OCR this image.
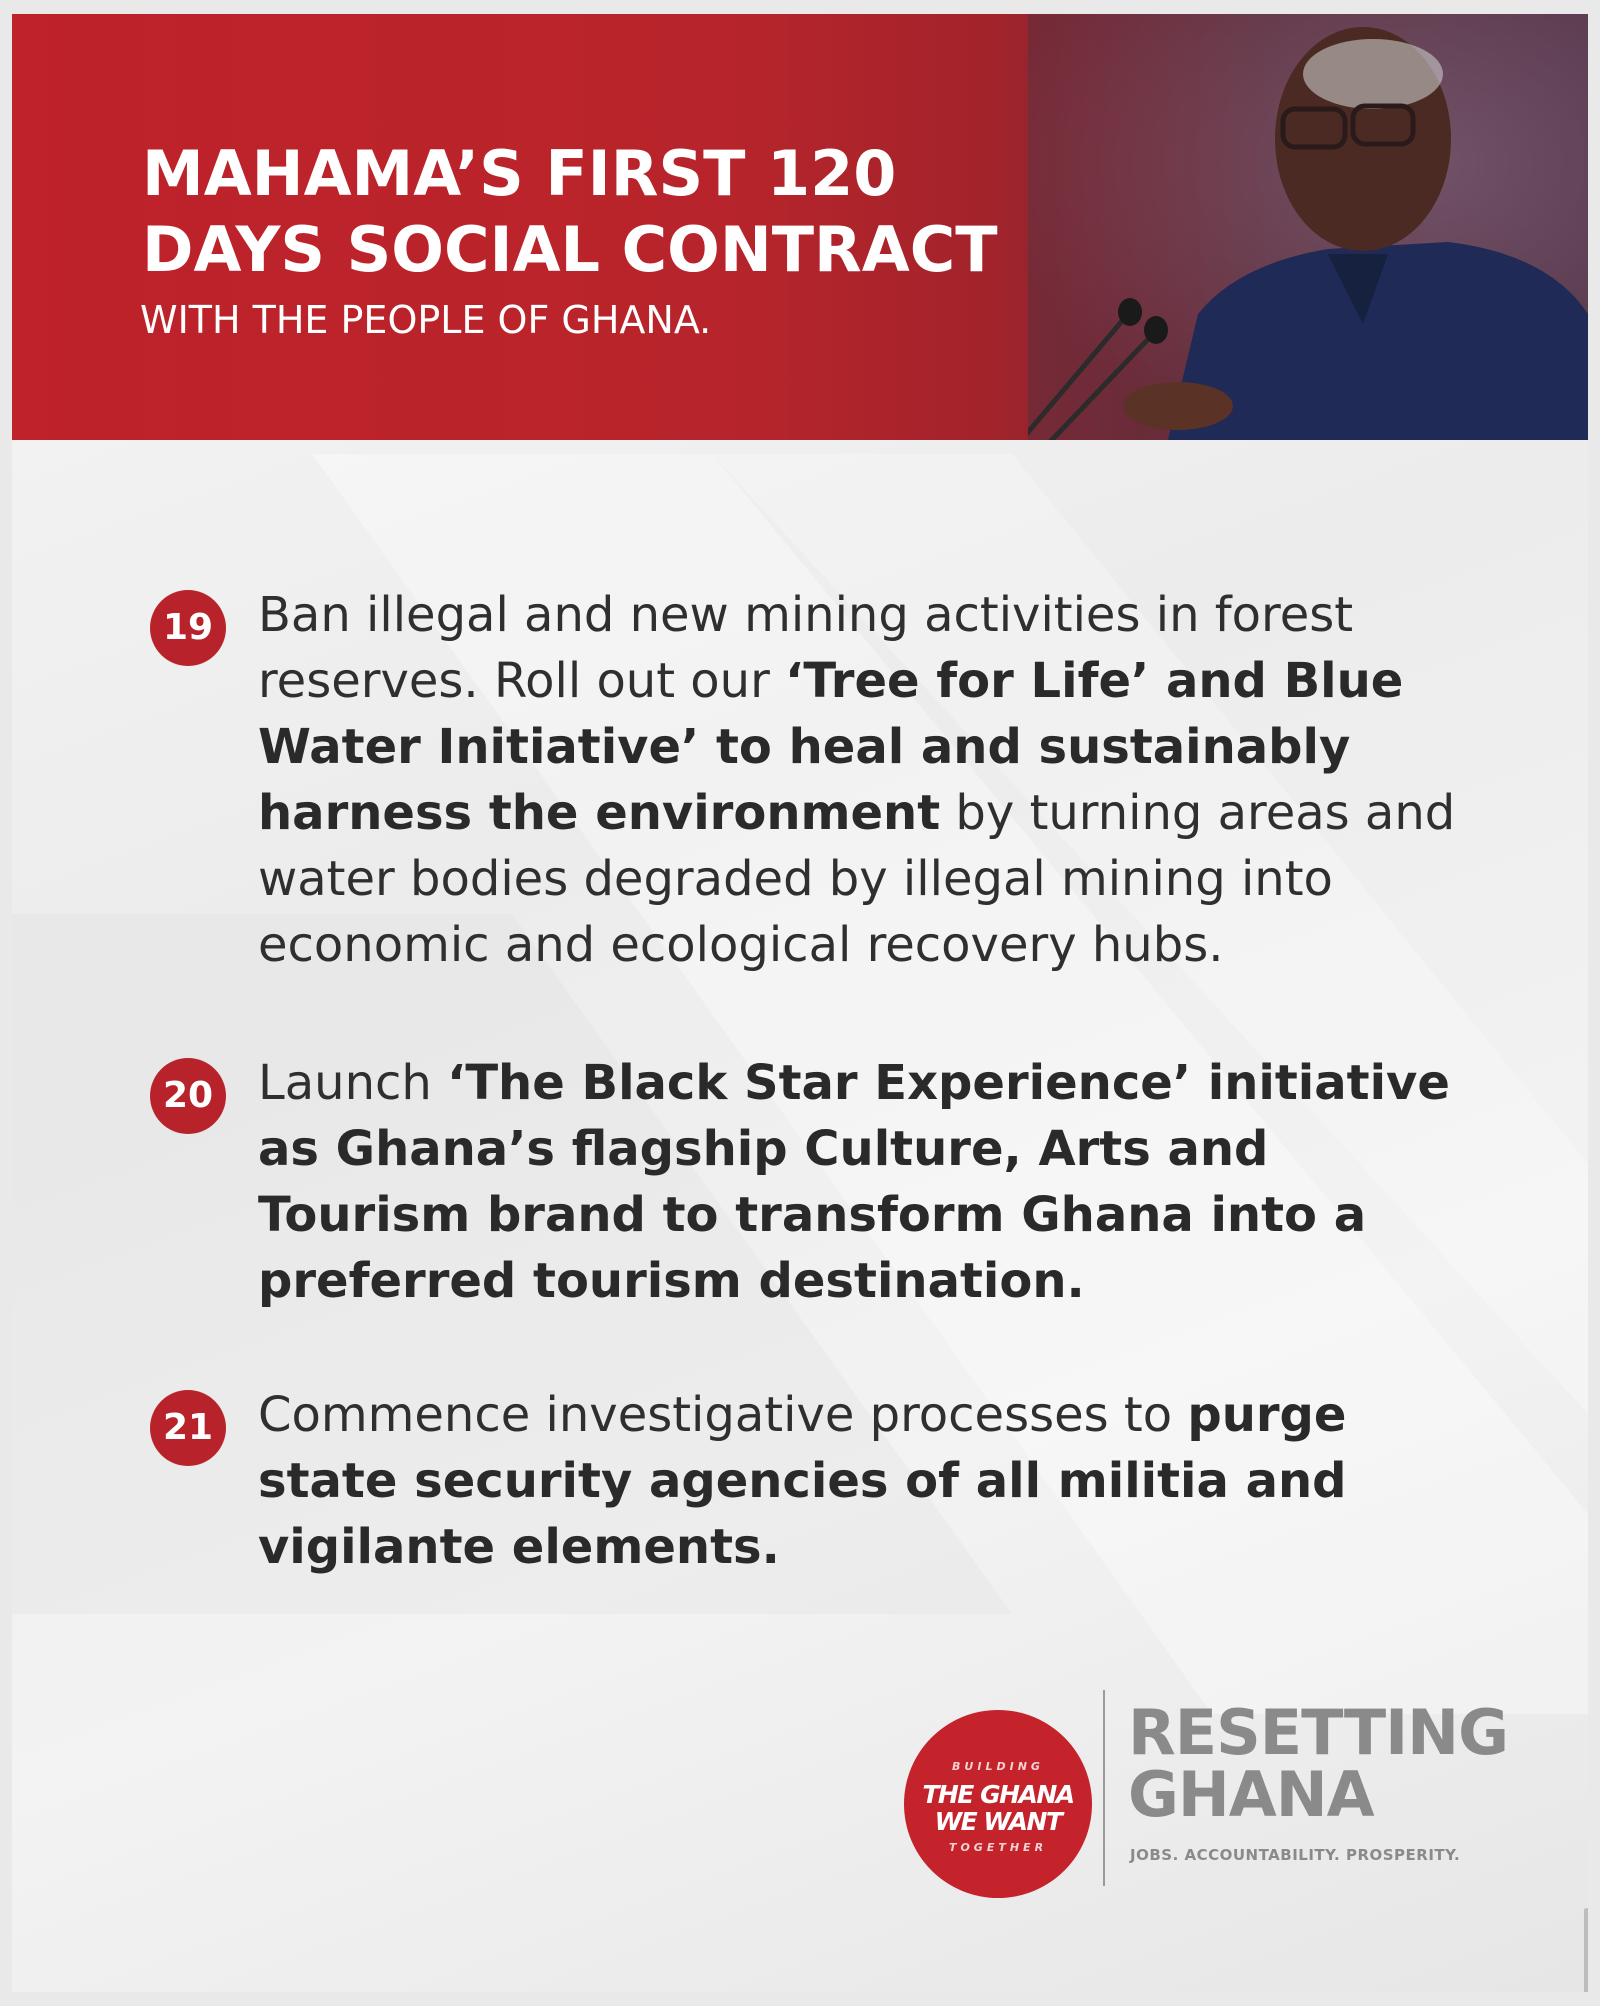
MAHAMA’S FIRST 120
DAYS SOCIAL CONTRACT
WITH THE PEOPLE OF GHANA.
19 Ban illegal and new mining activities in forest reserves. Roll out our ‘Tree for Life’ and Blue Water Initiative’ to heal and sustainably harness the environment by turning areas and water bodies degraded by illegal mining into economic and ecological recovery hubs.

20 Launch ‘The Black Star Experience’ initiative as Ghana’s flagship Culture, Arts and Tourism brand to transform Ghana into a preferred tourism destination.

21 Commence investigative processes to purge state security agencies of all militia and vigilante elements.

BUILDING
THE GHANA
WE WANT
TOGETHER
RESETTING
GHANA
JOBS. ACCOUNTABILITY. PROSPERITY.
